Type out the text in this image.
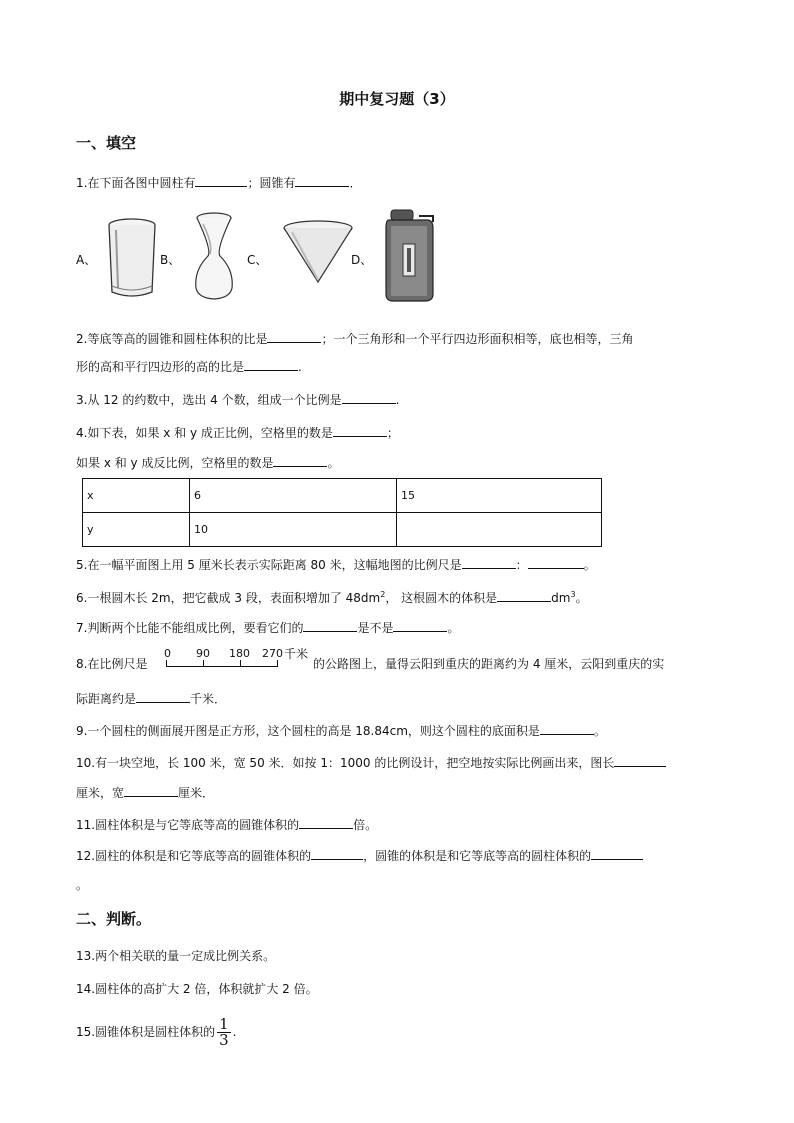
期中复习题（3）
一、填空
1.在下面各图中圆柱有	；圆锥有	．
A、	B、	C、	D、
2.等底等高的圆锥和圆柱体积的比是	；一个三角形和一个平行四边形面积相等，底也相等，三角
形的高和平行四边形的高的比是	.
3.从 12 的约数中，选出 4 个数，组成一个比例是	.
4.如下表，如果 x 和 y 成正比例，空格里的数是	；
如果 x 和 y 成反比例，空格里的数是	。
x	6	15
y	10	
5.在一幅平面图上用 5 厘米长表示实际距离 80 米，这幅地图的比例尺是	：	。
6.一根圆木长 2m，把它截成 3 段，表面积增加了 $48dm^2$， 这根圆木的体积是	$dm^3$。
7.判断两个比能不能组成比例，要看它们的	是不是	。
8.在比例尺是
0 90 180 270 千米
的公路图上，量得云阳到重庆的距离约为 4 厘米，云阳到重庆的实
际距离约是	千米．
9.一个圆柱的侧面展开图是正方形，这个圆柱的高是 18.84cm，则这个圆柱的底面积是	。
10.有一块空地，长 100 米，宽 50 米．如按 1：1000 的比例设计，把空地按实际比例画出来，图长
厘米，宽	厘米．
11.圆柱体积是与它等底等高的圆锥体积的	倍。
12.圆柱的体积是和它等底等高的圆锥体积的	，圆锥的体积是和它等底等高的圆柱体积的
。
二、判断。
13.两个相关联的量一定成比例关系。
14.圆柱体的高扩大 2 倍，体积就扩大 2 倍。
15.圆锥体积是圆柱体积的 $\frac{1}{3}$ .
